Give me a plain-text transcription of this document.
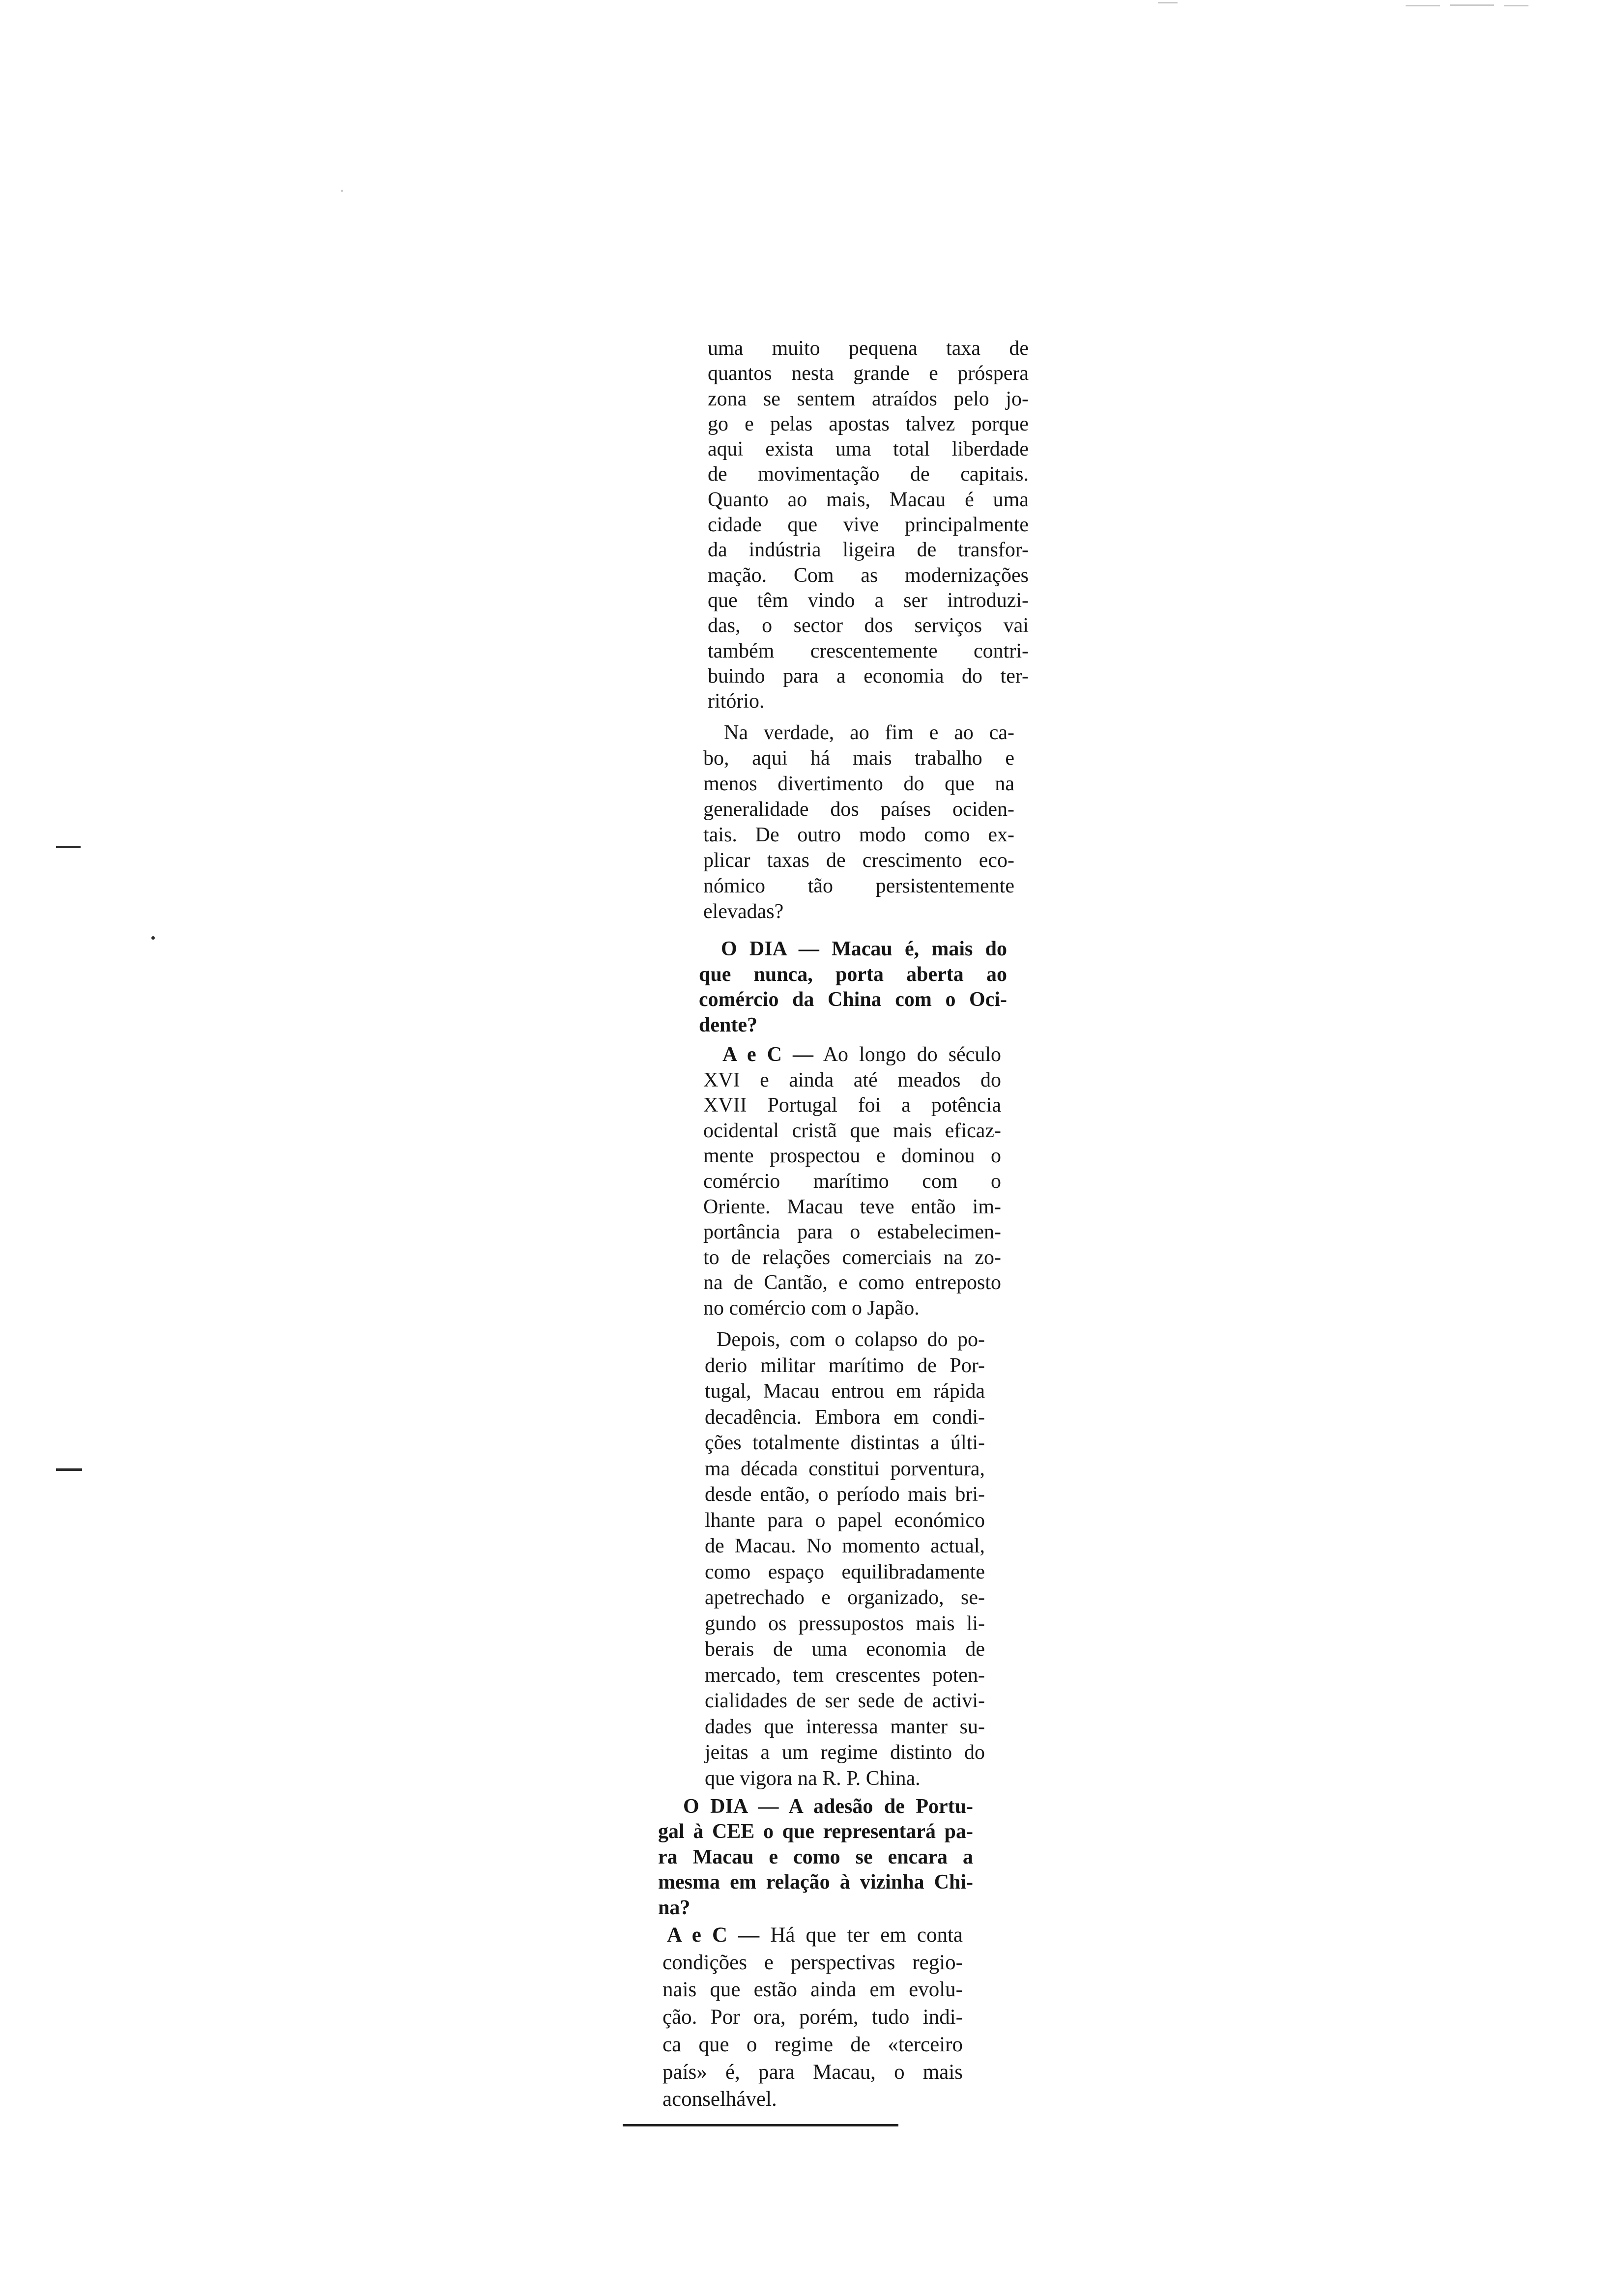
uma muito pequena taxa de
quantos nesta grande e próspera
zona se sentem atraídos pelo jo-
go e pelas apostas talvez porque
aqui exista uma total liberdade
de movimentação de capitais.
Quanto ao mais, Macau é uma
cidade que vive principalmente
da indústria ligeira de transfor-
mação. Com as modernizações
que têm vindo a ser introduzi-
das, o sector dos serviços vai
também crescentemente contri-
buindo para a economia do ter-
ritório.
Na verdade, ao fim e ao ca-
bo, aqui há mais trabalho e
menos divertimento do que na
generalidade dos países ociden-
tais. De outro modo como ex-
plicar taxas de crescimento eco-
nómico tão persistentemente
elevadas?
O DIA — Macau é, mais do
que nunca, porta aberta ao
comércio da China com o Oci-
dente?
A e C — Ao longo do século
XVI e ainda até meados do
XVII Portugal foi a potência
ocidental cristã que mais eficaz-
mente prospectou e dominou o
comércio marítimo com o
Oriente. Macau teve então im-
portância para o estabelecimen-
to de relações comerciais na zo-
na de Cantão, e como entreposto
no comércio com o Japão.
Depois, com o colapso do po-
derio militar marítimo de Por-
tugal, Macau entrou em rápida
decadência. Embora em condi-
ções totalmente distintas a últi-
ma década constitui porventura,
desde então, o período mais bri-
lhante para o papel económico
de Macau. No momento actual,
como espaço equilibradamente
apetrechado e organizado, se-
gundo os pressupostos mais li-
berais de uma economia de
mercado, tem crescentes poten-
cialidades de ser sede de activi-
dades que interessa manter su-
jeitas a um regime distinto do
que vigora na R. P. China.
O DIA — A adesão de Portu-
gal à CEE o que representará pa-
ra Macau e como se encara a
mesma em relação à vizinha Chi-
na?
A e C — Há que ter em conta
condições e perspectivas regio-
nais que estão ainda em evolu-
ção. Por ora, porém, tudo indi-
ca que o regime de «terceiro
país» é, para Macau, o mais
aconselhável.
